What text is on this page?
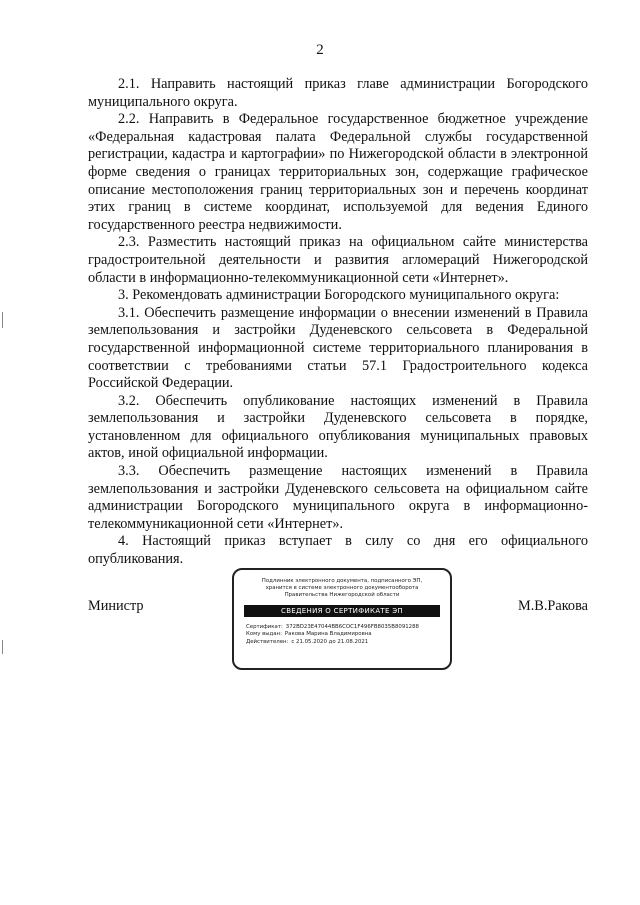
2

2.1. Направить настоящий приказ главе администрации Богородского муниципального округа.

2.2. Направить в Федеральное государственное бюджетное учреждение «Федеральная кадастровая палата Федеральной службы государственной регистрации, кадастра и картографии» по Нижегородской области в электронной форме сведения о границах территориальных зон, содержащие графическое описание местоположения границ территориальных зон и перечень координат этих границ в системе координат, используемой для ведения Единого государственного реестра недвижимости.

2.3. Разместить настоящий приказ на официальном сайте министерства градостроительной деятельности и развития агломераций Нижегородской области в информационно-телекоммуникационной сети «Интернет».

3. Рекомендовать администрации Богородского муниципального округа:

3.1. Обеспечить размещение информации о внесении изменений в Правила землепользования и застройки Дуденевского сельсовета в Федеральной государственной информационной системе территориального планирования в соответствии с требованиями статьи 57.1 Градостроительного кодекса Российской Федерации.

3.2. Обеспечить опубликование настоящих изменений в Правила землепользования и застройки Дуденевского сельсовета в порядке, установленном для официального опубликования муниципальных правовых актов, иной официальной информации.

3.3. Обеспечить размещение настоящих изменений в Правила землепользования и застройки Дуденевского сельсовета на официальном сайте администрации Богородского муниципального округа в информационно-телекоммуникационной сети «Интернет».

4. Настоящий приказ вступает в силу со дня его официального опубликования.

Министр
Подлинник электронного документа, подписанного ЭП,
хранится в системе электронного документооборота
Правительства Нижегородской области
СВЕДЕНИЯ О СЕРТИФИКАТЕ ЭП
Сертификат: 372BD23E47044BB6COC1F496FB8035B8091288
Кому выдан: Ракова Марина Владимировна
Действителен: с 21.05.2020 до 21.08.2021
М.В.Ракова
